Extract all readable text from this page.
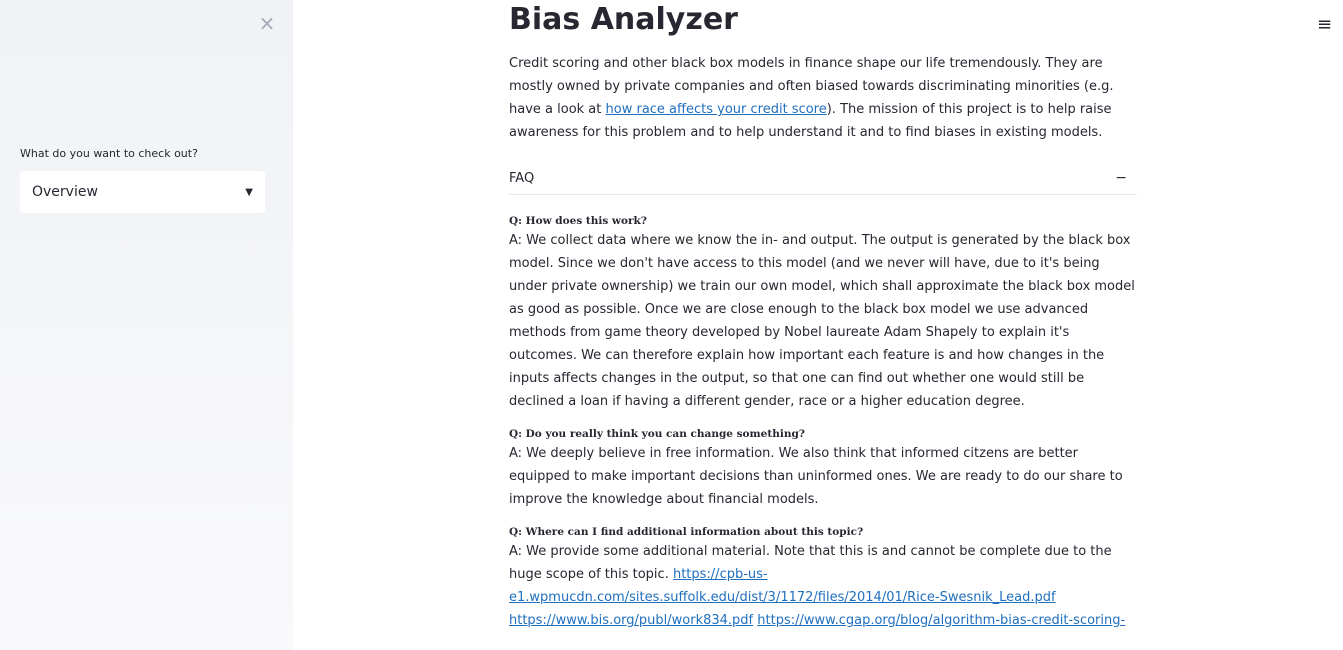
×
What do you want to check out?
Overview	▼
≡
Bias Analyzer
Credit scoring and other black box models in finance shape our life tremendously. They are mostly owned by private companies and often biased towards discriminating minorities (e.g. have a look at how race affects your credit score). The mission of this project is to help raise awareness for this problem and to help understand it and to find biases in existing models.
FAQ	−
Q: How does this work?
A: We collect data where we know the in- and output. The output is generated by the black box model. Since we don't have access to this model (and we never will have, due to it's being under private ownership) we train our own model, which shall approximate the black box model as good as possible. Once we are close enough to the black box model we use advanced methods from game theory developed by Nobel laureate Adam Shapely to explain it's outcomes. We can therefore explain how important each feature is and how changes in the inputs affects changes in the output, so that one can find out whether one would still be declined a loan if having a different gender, race or a higher education degree.
Q: Do you really think you can change something?
A: We deeply believe in free information. We also think that informed citzens are better equipped to make important decisions than uninformed ones. We are ready to do our share to improve the knowledge about financial models.
Q: Where can I find additional information about this topic?
A: We provide some additional material. Note that this is and cannot be complete due to the huge scope of this topic. https://cpb-us-e1.wpmucdn.com/sites.suffolk.edu/dist/3/1172/files/2014/01/Rice-Swesnik_Lead.pdf https://www.bis.org/publ/work834.pdf https://www.cgap.org/blog/algorithm-bias-credit-scoring-
